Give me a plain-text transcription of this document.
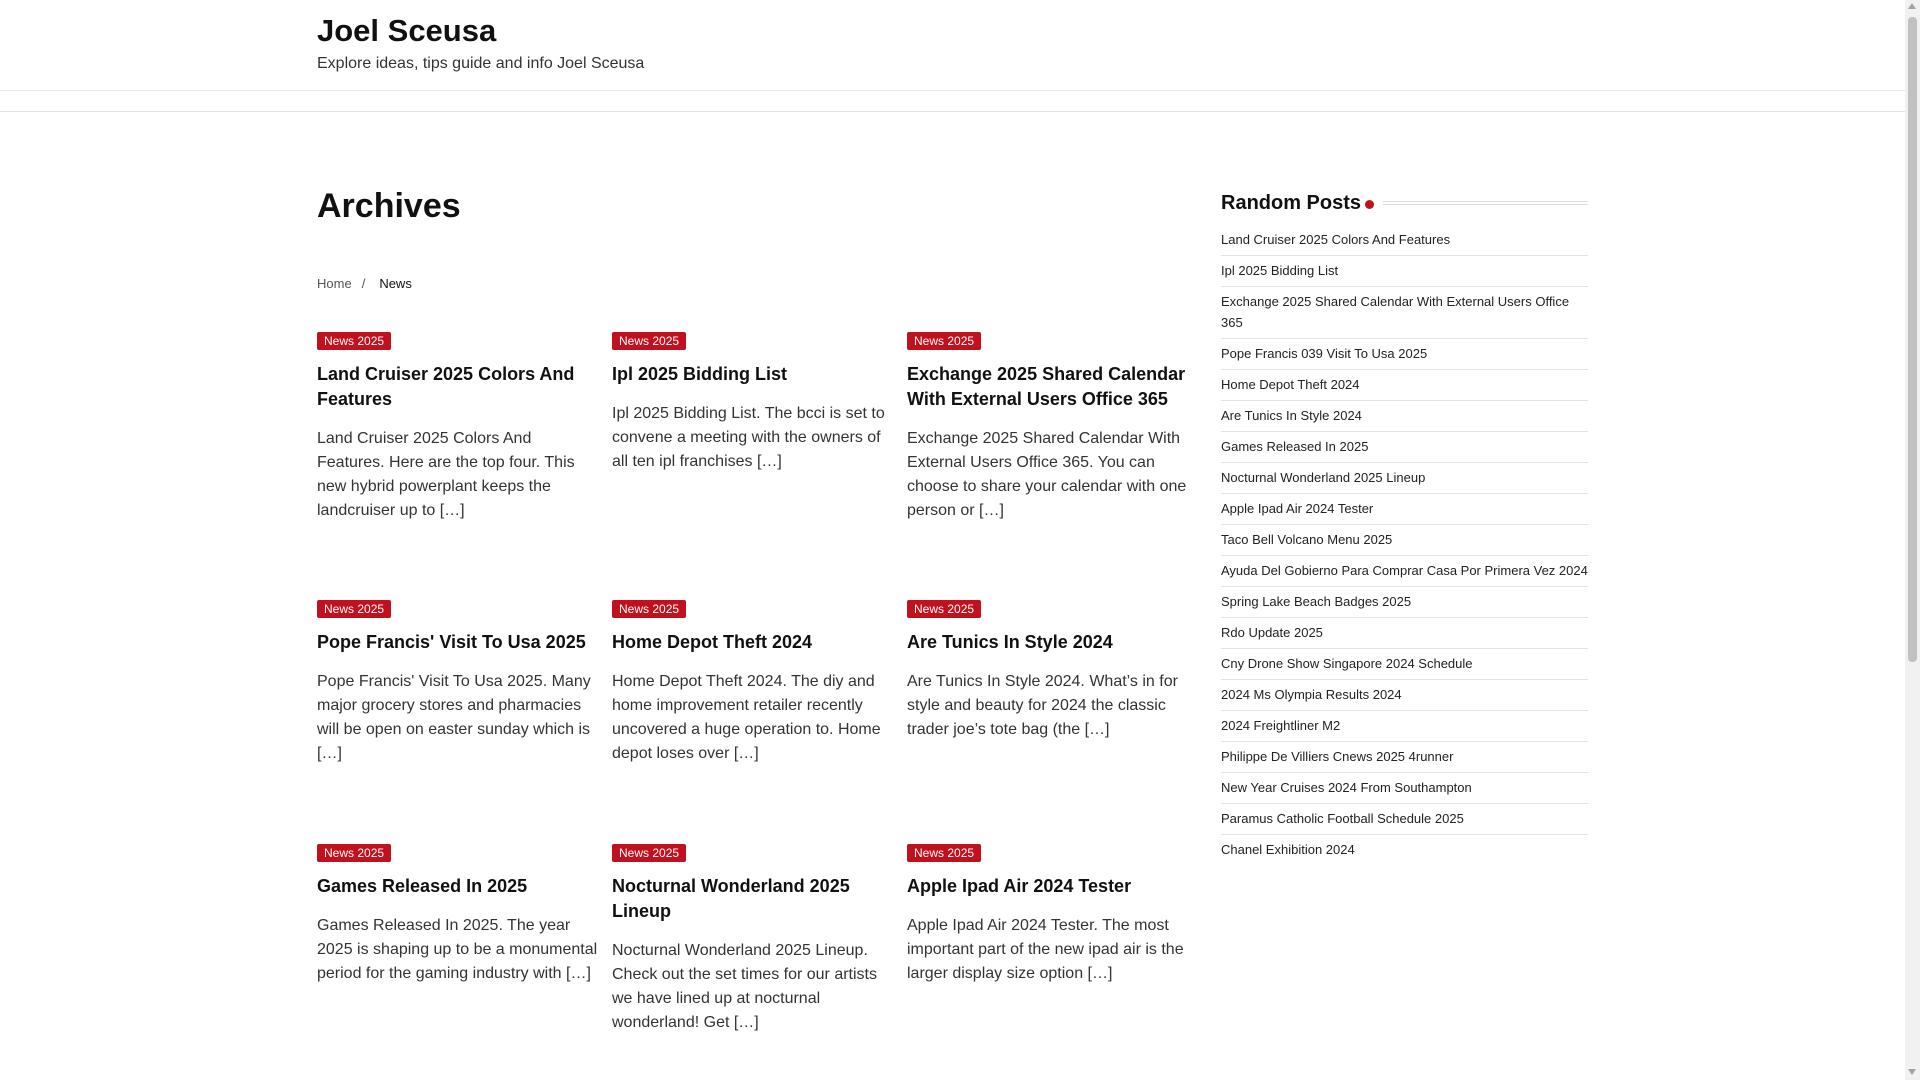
Joel Sceusa
Explore ideas, tips guide and info Joel Sceusa
Archives
Home / News
News 2025
Land Cruiser 2025 Colors And Features

Land Cruiser 2025 Colors And Features. Here are the top four. This new hybrid powerplant keeps the landcruiser up to […]

News 2025
Ipl 2025 Bidding List

Ipl 2025 Bidding List. The bcci is set to convene a meeting with the owners of all ten ipl franchises […]

News 2025
Exchange 2025 Shared Calendar With External Users Office 365

Exchange 2025 Shared Calendar With External Users Office 365. You can choose to share your calendar with one person or […]

News 2025
Pope Francis' Visit To Usa 2025

Pope Francis' Visit To Usa 2025. Many major grocery stores and pharmacies will be open on easter sunday which is […]

News 2025
Home Depot Theft 2024

Home Depot Theft 2024. The diy and home improvement retailer recently uncovered a huge operation to. Home depot loses over […]

News 2025
Are Tunics In Style 2024

Are Tunics In Style 2024. What’s in for style and beauty for 2024 the classic trader joe’s tote bag (the […]

News 2025
Games Released In 2025

Games Released In 2025. The year 2025 is shaping up to be a monumental period for the gaming industry with […]

News 2025
Nocturnal Wonderland 2025 Lineup

Nocturnal Wonderland 2025 Lineup. Check out the set times for our artists we have lined up at nocturnal wonderland! Get […]

News 2025
Apple Ipad Air 2024 Tester

Apple Ipad Air 2024 Tester. The most important part of the new ipad air is the larger display size option […]

Random Posts
Land Cruiser 2025 Colors And Features
Ipl 2025 Bidding List
Exchange 2025 Shared Calendar With External Users Office 365
Pope Francis 039 Visit To Usa 2025
Home Depot Theft 2024
Are Tunics In Style 2024
Games Released In 2025
Nocturnal Wonderland 2025 Lineup
Apple Ipad Air 2024 Tester
Taco Bell Volcano Menu 2025
Ayuda Del Gobierno Para Comprar Casa Por Primera Vez 2024
Spring Lake Beach Badges 2025
Rdo Update 2025
Cny Drone Show Singapore 2024 Schedule
2024 Ms Olympia Results 2024
2024 Freightliner M2
Philippe De Villiers Cnews 2025 4runner
New Year Cruises 2024 From Southampton
Paramus Catholic Football Schedule 2025
Chanel Exhibition 2024
